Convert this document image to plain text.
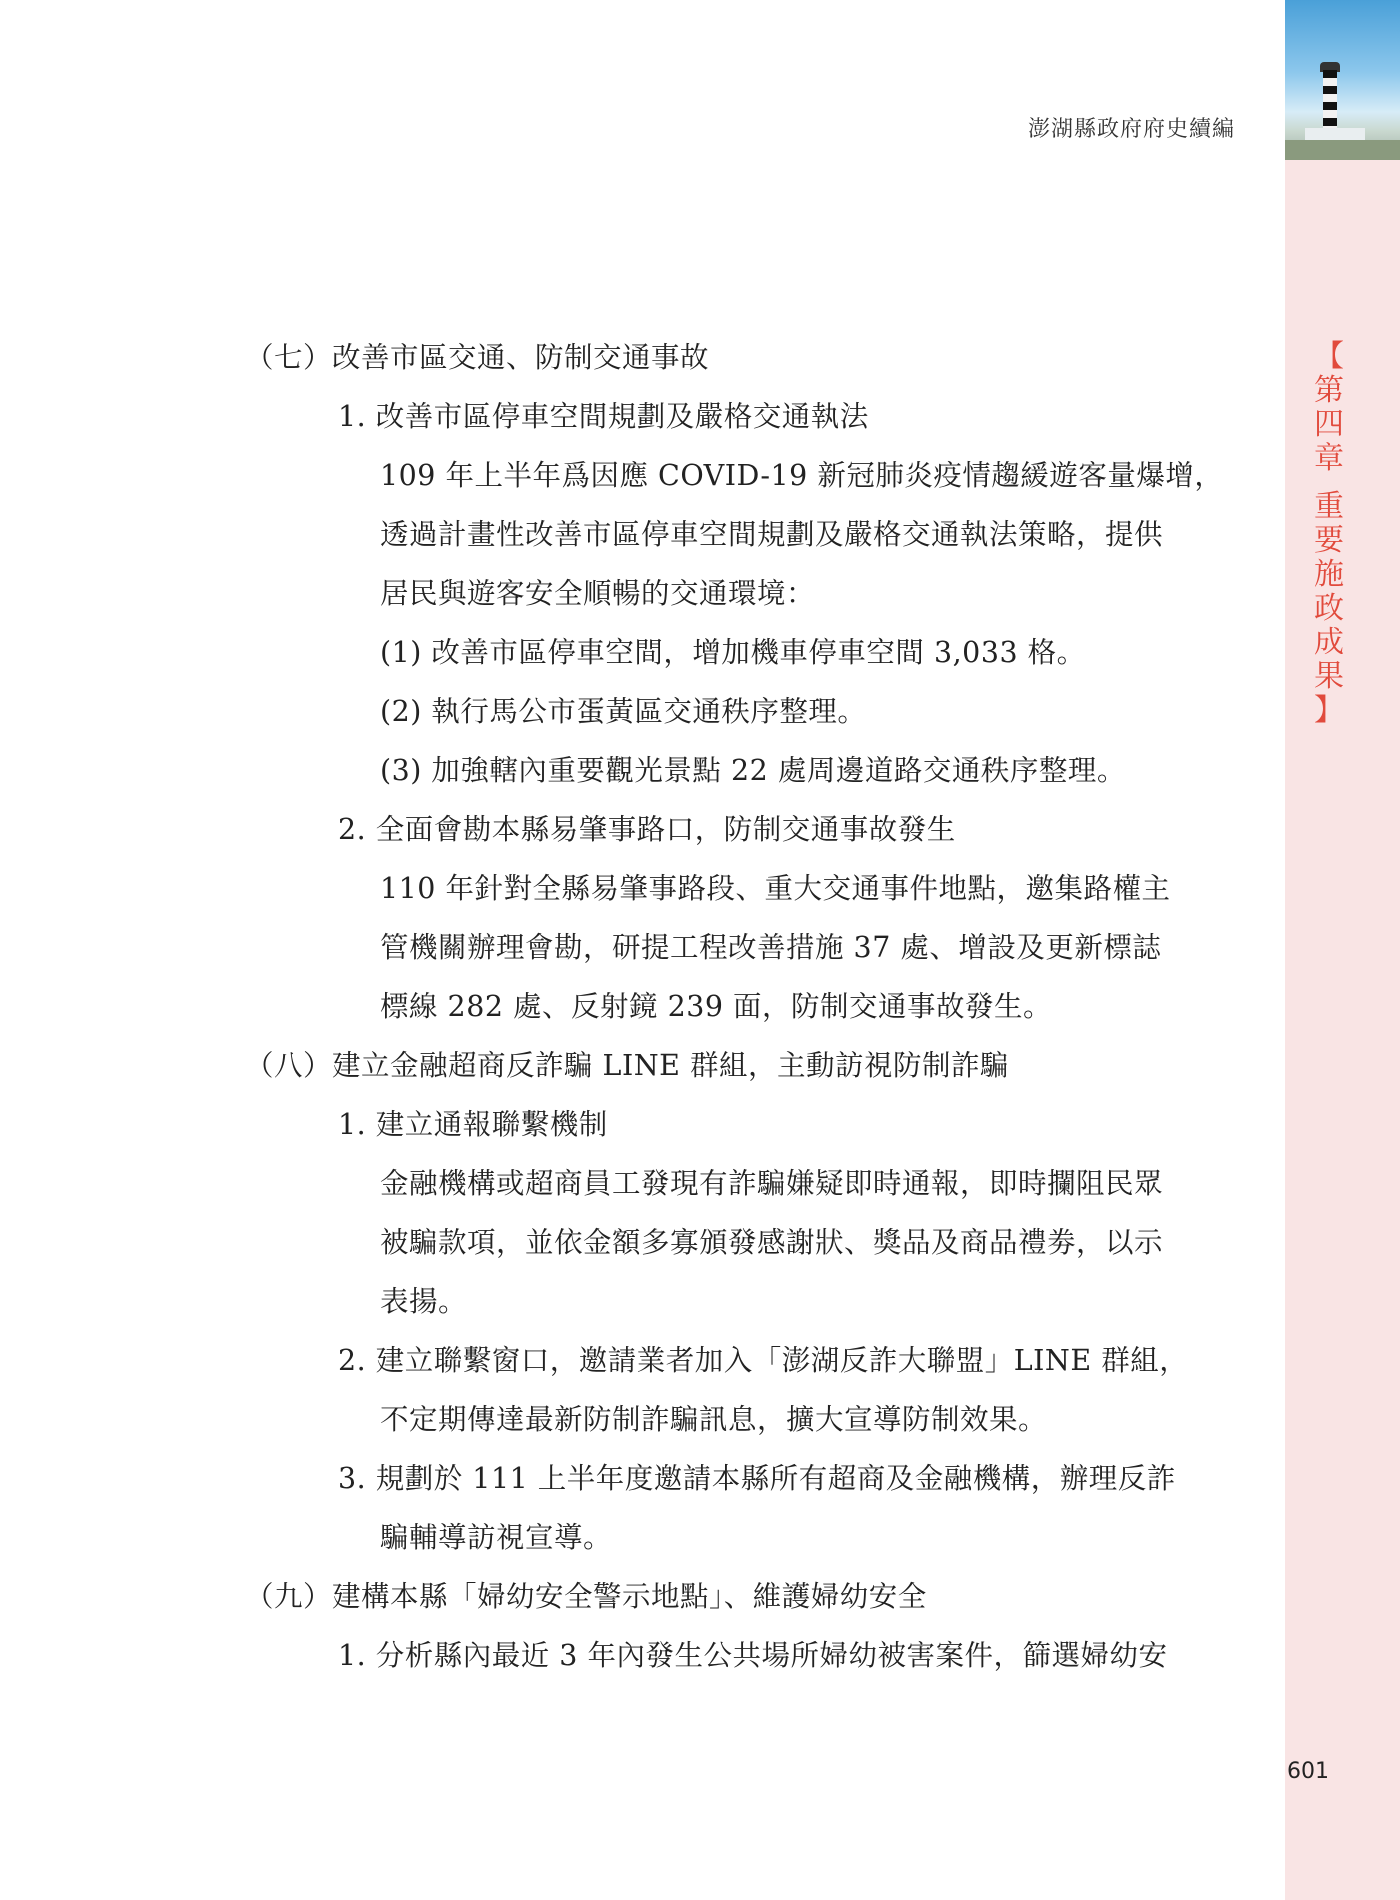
澎湖縣政府府史續編
【
第
四
章

重
要
施
政
成
果
】
（七）改善市區交通、防制交通事故
1. 改善市區停車空間規劃及嚴格交通執法
109 年上半年爲因應 COVID-19 新冠肺炎疫情趨緩遊客量爆增，
透過計畫性改善市區停車空間規劃及嚴格交通執法策略，提供
居民與遊客安全順暢的交通環境：
(1) 改善市區停車空間，增加機車停車空間 3,033 格。
(2) 執行馬公市蛋黃區交通秩序整理。
(3) 加強轄內重要觀光景點 22 處周邊道路交通秩序整理。
2. 全面會勘本縣易肇事路口，防制交通事故發生
110 年針對全縣易肇事路段、重大交通事件地點，邀集路權主
管機關辦理會勘，研提工程改善措施 37 處、增設及更新標誌
標線 282 處、反射鏡 239 面，防制交通事故發生。
（八）建立金融超商反詐騙 LINE 群組，主動訪視防制詐騙
1. 建立通報聯繫機制
金融機構或超商員工發現有詐騙嫌疑即時通報，即時攔阻民眾
被騙款項，並依金額多寡頒發感謝狀、獎品及商品禮劵，以示
表揚。
2. 建立聯繫窗口，邀請業者加入「澎湖反詐大聯盟」LINE 群組，
不定期傳達最新防制詐騙訊息，擴大宣導防制效果。
3. 規劃於 111 上半年度邀請本縣所有超商及金融機構，辦理反詐
騙輔導訪視宣導。
（九）建構本縣「婦幼安全警示地點」、維護婦幼安全
1. 分析縣內最近 3 年內發生公共場所婦幼被害案件，篩選婦幼安
601
